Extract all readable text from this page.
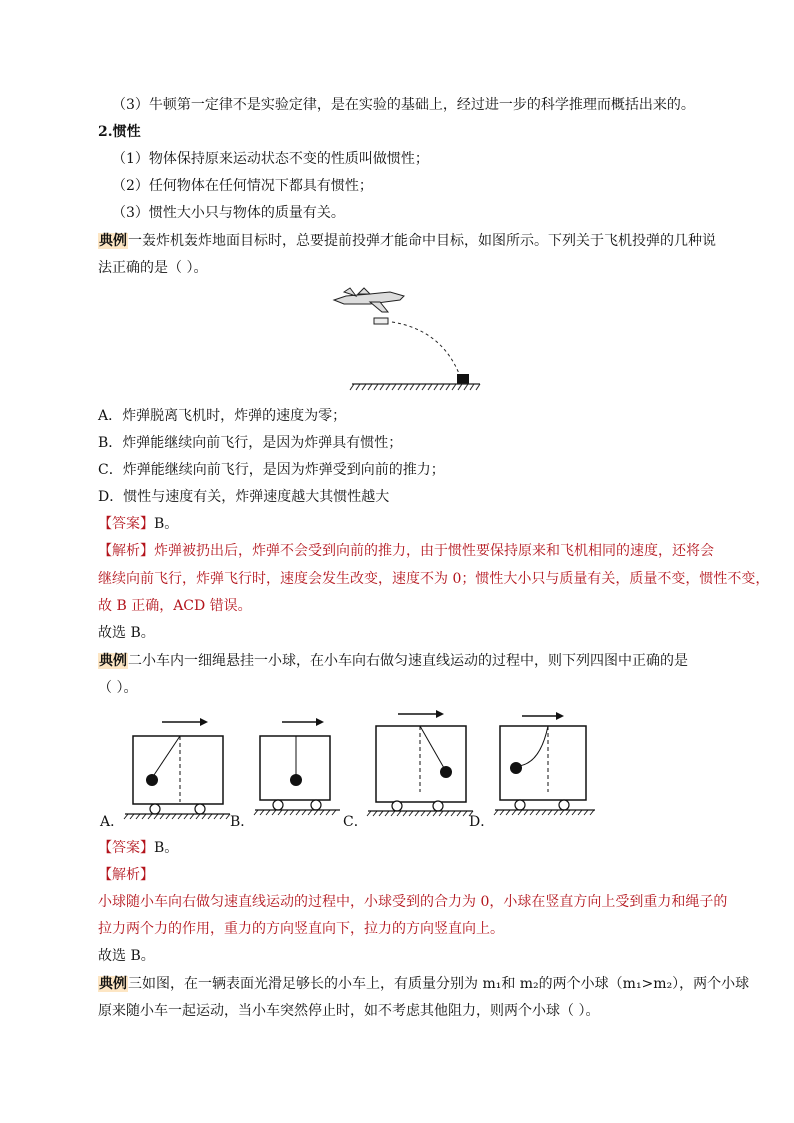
（3）牛顿第一定律不是实验定律，是在实验的基础上，经过进一步的科学推理而概括出来的。
2.惯性
（1）物体保持原来运动状态不变的性质叫做惯性；
（2）任何物体在任何情况下都具有惯性；
（3）惯性大小只与物体的质量有关。
典例一轰炸机轰炸地面目标时，总要提前投弹才能命中目标，如图所示。下列关于飞机投弹的几种说
法正确的是（ ）。
A．炸弹脱离飞机时，炸弹的速度为零；
B．炸弹能继续向前飞行，是因为炸弹具有惯性；
C．炸弹能继续向前飞行，是因为炸弹受到向前的推力；
D．惯性与速度有关，炸弹速度越大其惯性越大
【答案】B。
【解析】炸弹被扔出后，炸弹不会受到向前的推力，由于惯性要保持原来和飞机相同的速度，还将会
继续向前飞行，炸弹飞行时，速度会发生改变，速度不为 0；惯性大小只与质量有关，质量不变，惯性不变，
故 B 正确，ACD 错误。
故选 B。
典例二小车内一细绳悬挂一小球，在小车向右做匀速直线运动的过程中，则下列四图中正确的是
（ ）。
A．	B．	C．	D．
【答案】B。
【解析】
小球随小车向右做匀速直线运动的过程中，小球受到的合力为 0，小球在竖直方向上受到重力和绳子的
拉力两个力的作用，重力的方向竖直向下，拉力的方向竖直向上。
故选 B。
典例三如图，在一辆表面光滑足够长的小车上，有质量分别为 m₁和 m₂的两个小球（m₁>m₂），两个小球
原来随小车一起运动，当小车突然停止时，如不考虑其他阻力，则两个小球（ ）。
